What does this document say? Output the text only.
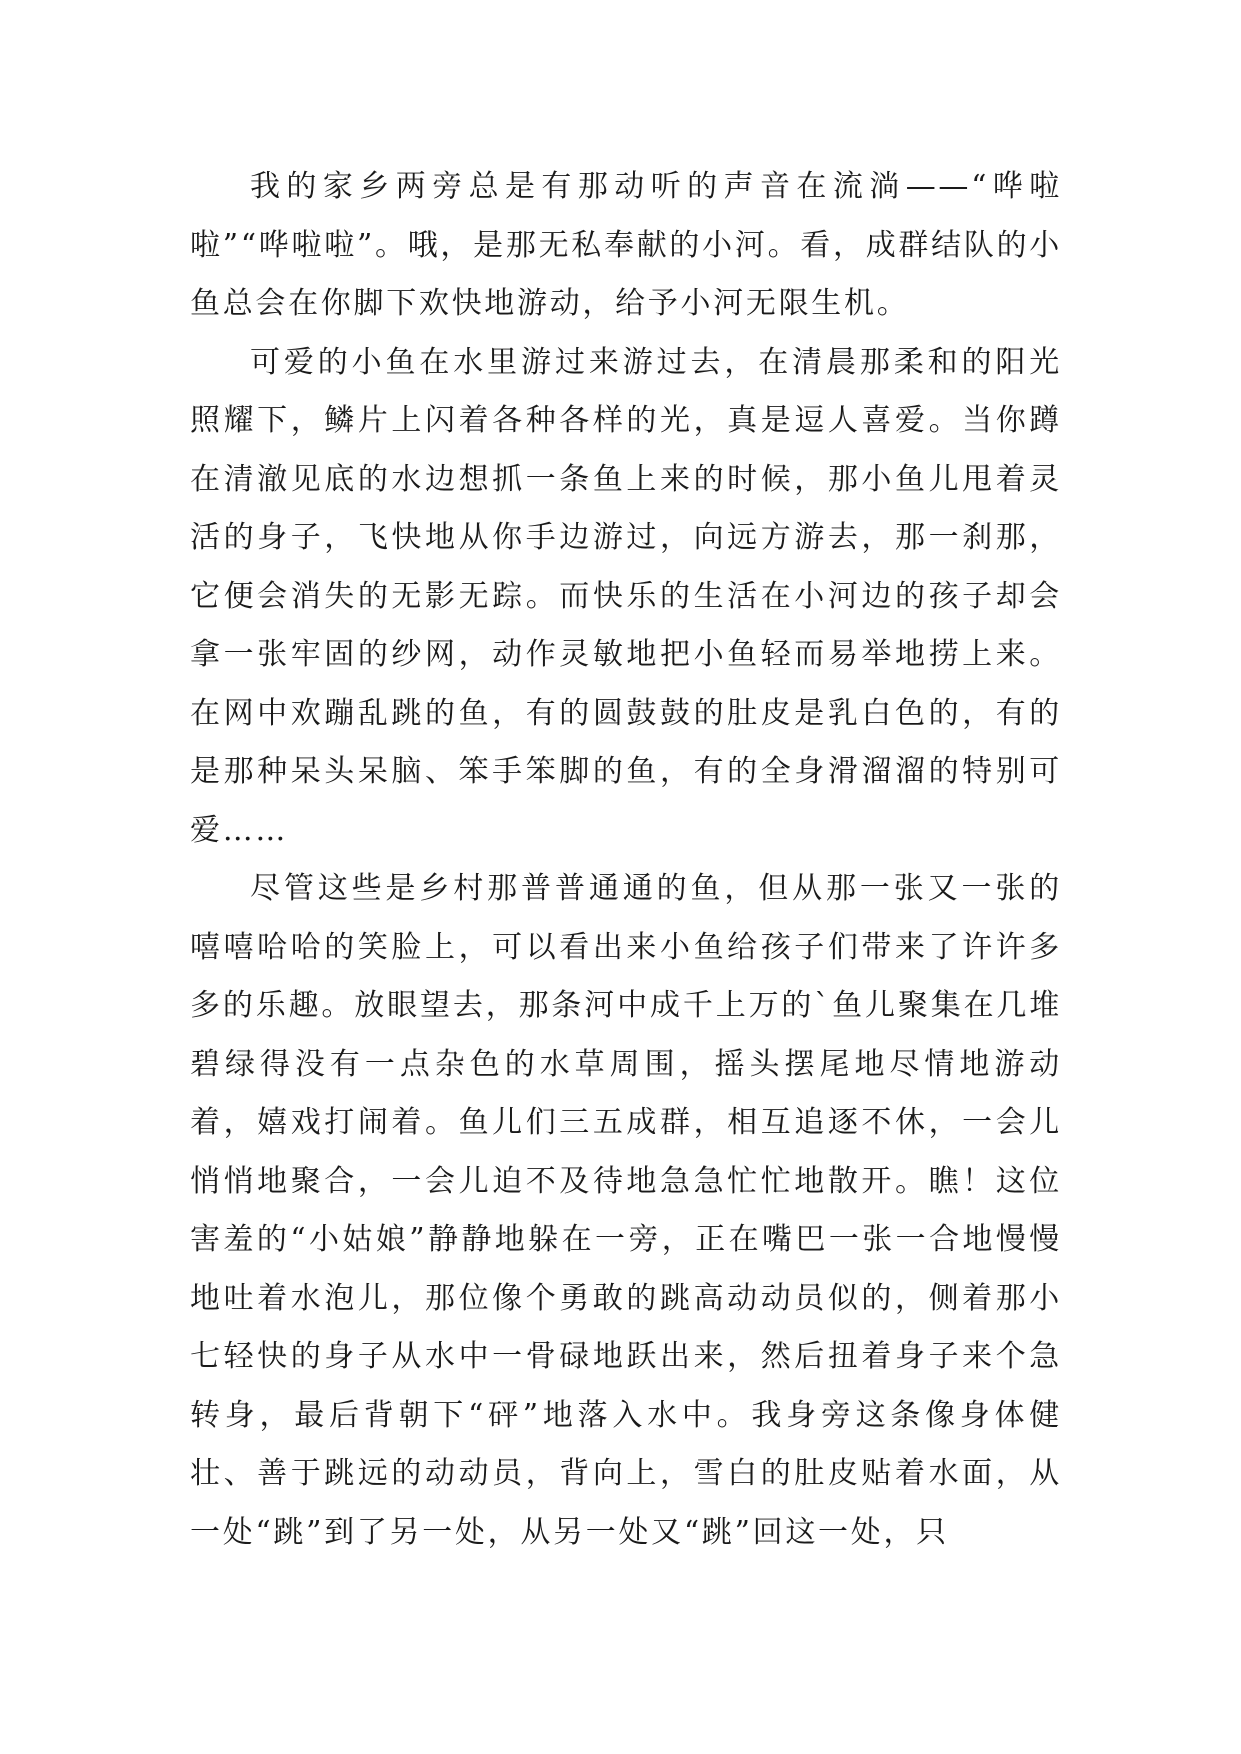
我的家乡两旁总是有那动听的声音在流淌——“哗啦啦”“哗啦啦”。哦，是那无私奉献的小河。看，成群结队的小鱼总会在你脚下欢快地游动，给予小河无限生机。

可爱的小鱼在水里游过来游过去，在清晨那柔和的阳光照耀下，鳞片上闪着各种各样的光，真是逗人喜爱。当你蹲在清澈见底的水边想抓一条鱼上来的时候，那小鱼儿甩着灵活的身子，飞快地从你手边游过，向远方游去，那一刹那，它便会消失的无影无踪。而快乐的生活在小河边的孩子却会拿一张牢固的纱网，动作灵敏地把小鱼轻而易举地捞上来。在网中欢蹦乱跳的鱼，有的圆鼓鼓的肚皮是乳白色的，有的是那种呆头呆脑、笨手笨脚的鱼，有的全身滑溜溜的特别可爱……

尽管这些是乡村那普普通通的鱼，但从那一张又一张的嘻嘻哈哈的笑脸上，可以看出来小鱼给孩子们带来了许许多多的乐趣。放眼望去，那条河中成千上万的`鱼儿聚集在几堆碧绿得没有一点杂色的水草周围，摇头摆尾地尽情地游动着，嬉戏打闹着。鱼儿们三五成群，相互追逐不休，一会儿悄悄地聚合，一会儿迫不及待地急急忙忙地散开。瞧！这位害羞的“小姑娘”静静地躲在一旁，正在嘴巴一张一合地慢慢地吐着水泡儿，那位像个勇敢的跳高动动员似的，侧着那小七轻快的身子从水中一骨碌地跃出来，然后扭着身子来个急转身，最后背朝下“砰”地落入水中。我身旁这条像身体健壮、善于跳远的动动员，背向上，雪白的肚皮贴着水面，从一处“跳”到了另一处，从另一处又“跳”回这一处，只
